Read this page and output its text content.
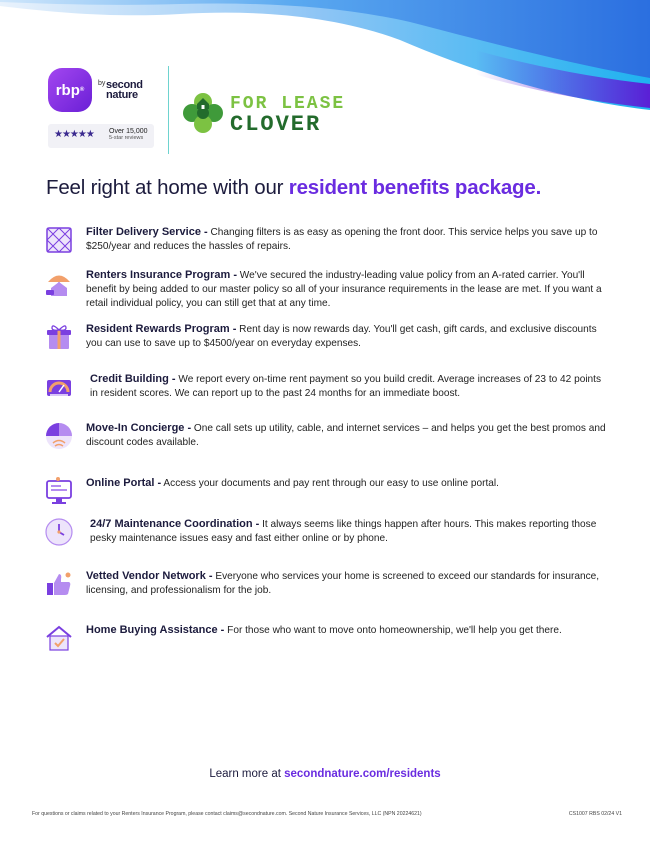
rbp ®
by second nature
★★★★★ Over 15,000
5-star reviews
FOR LEASE
CLOVER
Feel right at home with our resident benefits package.
Filter Delivery Service - Changing filters is as easy as opening the front door. This service helps you save up to $250/year and reduces the hassles of repairs.
Renters Insurance Program - We've secured the industry-leading value policy from an A-rated carrier. You'll benefit by being added to our master policy so all of your insurance requirements in the lease are met. If you want a retail individual policy, you can still get that at any time.
Resident Rewards Program - Rent day is now rewards day. You'll get cash, gift cards, and exclusive discounts you can use to save up to $4500/year on everyday expenses.
Credit Building - We report every on-time rent payment so you build credit. Average increases of 23 to 42 points in resident scores. We can report up to the past 24 months for an immediate boost.
Move-In Concierge - One call sets up utility, cable, and internet services – and helps you get the best promos and discount codes available.
Online Portal - Access your documents and pay rent through our easy to use online portal.
24/7 Maintenance Coordination - It always seems like things happen after hours. This makes reporting those pesky maintenance issues easy and fast either online or by phone.
Vetted Vendor Network - Everyone who services your home is screened to exceed our standards for insurance, licensing, and professionalism for the job.
Home Buying Assistance - For those who want to move onto homeownership, we'll help you get there.
Learn more at secondnature.com/residents
For questions or claims related to your Renters Insurance Program, please contact claims@secondnature.com. Second Nature Insurance Services, LLC (NPN 20224621)	CS1007 RBS 02/24 V1
